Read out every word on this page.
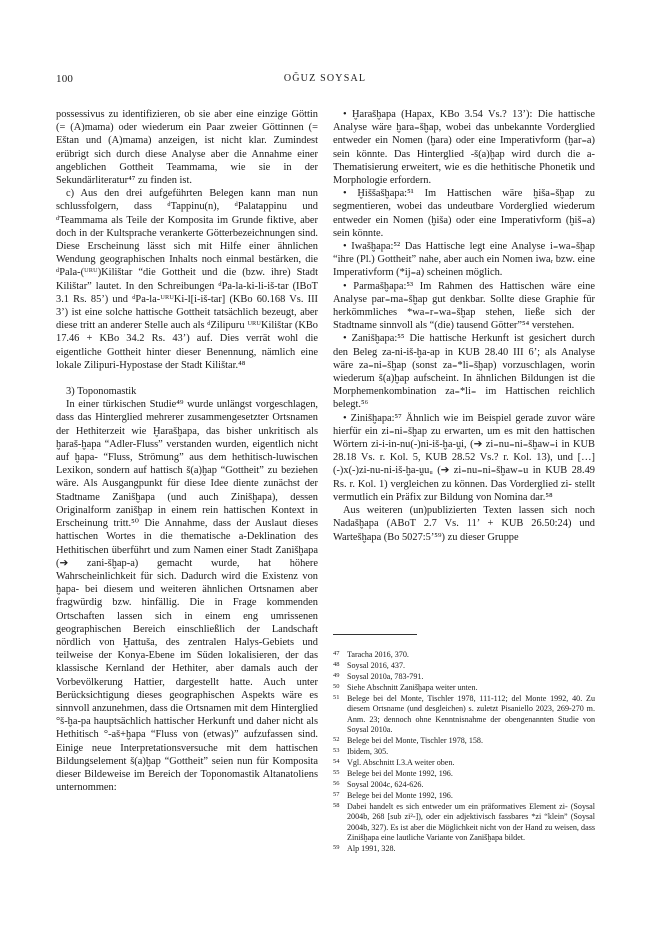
100	OĞUZ SOYSAL

possessivus zu identifizieren, ob sie aber eine einzige Göttin (= (A)mama) oder wiederum ein Paar zweier Göttinnen (= Eštan und (A)mama) anzeigen, ist nicht klar. Zumindest erübrigt sich durch diese Analyse aber die Annahme einer angeblichen Gottheit Teammama, wie sie in der Sekundärliteratur⁴⁷ zu finden ist.

c) Aus den drei aufgeführten Belegen kann man nun schlussfolgern, dass ᵈTappinu(n), ᵈPalatappinu und ᵈTeammama als Teile der Komposita im Grunde fiktive, aber doch in der Kultsprache verankerte Götterbezeichnungen sind. Diese Erscheinung lässt sich mit Hilfe einer ähnlichen Wendung geographischen Inhalts noch einmal bestärken, die ᵈPala-(ᵁᴿᵁ)Kilištar “die Gottheit und die (bzw. ihre) Stadt Kilištar” lautet. In den Schreibungen ᵈPa-la-ki-li-iš-tar (IBoT 3.1 Rs. 85’) und ᵈPa-la-ᵁᴿᵁKi-l[i-iš-tar] (KBo 60.168 Vs. III 3’) ist eine solche hattische Gottheit tatsächlich bezeugt, aber diese tritt an anderer Stelle auch als ᵈZilipuru ᵁᴿᵁKilištar (KBo 17.46 + KBo 34.2 Rs. 43’) auf. Dies verrät wohl die eigentliche Gottheit hinter dieser Benennung, nämlich eine lokale Zilipuri-Hypostase der Stadt Kilištar.⁴⁸

3) Toponomastik

In einer türkischen Studie⁴⁹ wurde unlängst vorgeschlagen, dass das Hinterglied mehrerer zusammengesetzter Ortsnamen der Hethiterzeit wie Ḫarašḫapa, das bisher unkritisch als ḫaraš-ḫapa “Adler-Fluss” verstanden wurden, eigentlich nicht auf ḫapa- “Fluss, Strömung” aus dem hethitisch-luwischen Lexikon, sondern auf hattisch š(a)ḫap “Gottheit” zu beziehen wäre. Als Ausgangpunkt für diese Idee diente zunächst der Stadtname Zanišḫapa (und auch Zinišḫapa), dessen Originalform zanišḫap in einem rein hattischen Kontext in Erscheinung tritt.⁵⁰ Die Annahme, dass der Auslaut dieses hattischen Wortes in die thematische a-Deklination des Hethitischen überführt und zum Namen einer Stadt Zanišḫapa (➔ zani-šḫap-a) gemacht wurde, hat höhere Wahrscheinlichkeit für sich. Dadurch wird die Existenz von ḫapa- bei diesem und weiteren ähnlichen Ortsnamen aber fragwürdig bzw. hinfällig. Die in Frage kommenden Ortschaften lassen sich in einem eng umrissenen geographischen Bereich einschließlich der Landschaft nördlich von Ḫattuša, des zentralen Halys-Gebiets und teilweise der Konya-Ebene im Süden lokalisieren, der das klassische Kernland der Hethiter, aber damals auch der Vorbevölkerung Hattier, dargestellt hatte. Auch unter Berücksichtigung dieses geographischen Aspekts wäre es sinnvoll anzunehmen, dass die Ortsnamen mit dem Hinterglied °š-ḫa-pa hauptsächlich hattischer Herkunft und daher nicht als Hethitisch °-aš+ḫapa “Fluss von (etwas)” aufzufassen sind. Einige neue Interpretationsversuche mit dem hattischen Bildungselement š(a)ḫap “Gottheit” seien nun für Komposita dieser Bildeweise im Bereich der Toponomastik Altanatoliens unternommen:

• Ḫarašḫapa (Hapax, KBo 3.54 Vs.? 13’): Die hattische Analyse wäre ḫara₌šḫap, wobei das unbekannte Vorderglied entweder ein Nomen (ḫara) oder eine Imperativform (ḫar₌a) sein könnte. Das Hinterglied -š(a)ḫap wird durch die a-Thematisierung erweitert, wie es die hethitische Phonetik und Morphologie erfordern.

• Ḫiššašḫapa:⁵¹ Im Hattischen wäre ḫiša₌šḫap zu segmentieren, wobei das undeutbare Vorderglied wiederum entweder ein Nomen (ḫiša) oder eine Imperativform (ḫiš₌a) sein könnte.

• Iwašḫapa:⁵² Das Hattische legt eine Analyse i₌wa₌šḫap “ihre (Pl.) Gottheit” nahe, aber auch ein Nomen iwaᵣ bzw. eine Imperativform (*ij₌a) scheinen möglich.

• Parmašḫapa:⁵³ Im Rahmen des Hattischen wäre eine Analyse par₌ma₌šḫap gut denkbar. Sollte diese Graphie für herkömmliches *wa₌r₌wa₌šḫap stehen, ließe sich der Stadtname sinnvoll als “(die) tausend Götter”⁵⁴ verstehen.

• Zanišḫapa:⁵⁵ Die hattische Herkunft ist gesichert durch den Beleg za-ni-iš-ḫa-ap in KUB 28.40 III 6’; als Analyse wäre za₌ni₌šḫap (sonst za₌*li₌šḫap) vorzuschlagen, worin wiederum š(a)ḫap aufscheint. In ähnlichen Bildungen ist die Morphemenkombination za₌*li₌ im Hattischen reichlich belegt.⁵⁶

• Zinišḫapa:⁵⁷ Ähnlich wie im Beispiel gerade zuvor wäre hierfür ein zi₌ni₌šḫap zu erwarten, um es mit den hattischen Wörtern zi-i-in-nu(-)ni-iš-ḫa-ṷi, (➔ zi₌nu₌ni₌šḫaw₌i in KUB 28.18 Vs. r. Kol. 5, KUB 28.52 Vs.? r. Kol. 13), und […](-)x(-)zi-nu-ni-iš-ḫa-ṷuᵤ (➔ zi₌nu₌ni₌šḫaw₌u in KUB 28.49 Rs. r. Kol. 1) vergleichen zu können. Das Vorderglied zi- stellt vermutlich ein Präfix zur Bildung von Nomina dar.⁵⁸

Aus weiteren (un)publizierten Texten lassen sich noch Nadašḫapa (ABoT 2.7 Vs. 11’ + KUB 26.50:24) und Wartešḫapa (Bo 5027:5’⁵⁹) zu dieser Gruppe

47 Taracha 2016, 370.

48 Soysal 2016, 437.

49 Soysal 2010a, 783-791.

50 Siehe Abschnitt Zanišḫapa weiter unten.

51 Belege bei del Monte, Tischler 1978, 111-112; del Monte 1992, 40. Zu diesem Ortsname (und desgleichen) s. zuletzt Pisaniello 2023, 269-270 m. Anm. 23; dennoch ohne Kenntnisnahme der obengenannten Studie von Soysal 2010a.

52 Belege bei del Monte, Tischler 1978, 158.

53 Ibidem, 305.

54 Vgl. Abschnitt I.3.A weiter oben.

55 Belege bei del Monte 1992, 196.

56 Soysal 2004c, 624-626.

57 Belege bei del Monte 1992, 196.

58 Dabei handelt es sich entweder um ein präformatives Element zi- (Soysal 2004b, 268 [sub zi²-]), oder ein adjektivisch fassbares *zi “klein” (Soysal 2004b, 327). Es ist aber die Möglichkeit nicht von der Hand zu weisen, dass Zinišḫapa eine lautliche Variante von Zanišḫapa bildet.

59 Alp 1991, 328.
